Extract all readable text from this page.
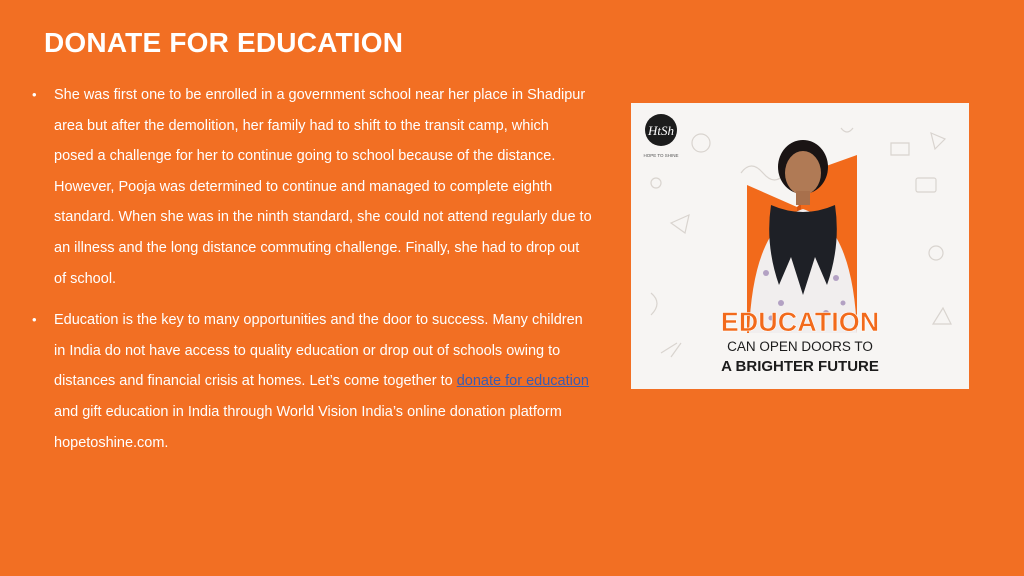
DONATE FOR EDUCATION
• She was first one to be enrolled in a government school near her place in Shadipur area but after the demolition, her family had to shift to the transit camp, which posed a challenge for her to continue going to school because of the distance. However, Pooja was determined to continue and managed to complete eighth standard. When she was in the ninth standard, she could not attend regularly due to an illness and the long distance commuting challenge. Finally, she had to drop out of school.
• Education is the key to many opportunities and the door to success. Many children in India do not have access to quality education or drop out of schools owing to distances and financial crisis at homes. Let’s come together to donate for education and gift education in India through World Vision India’s online donation platform hopetoshine.com.
HtSh
HOPE TO SHINE
EDUCATION
CAN OPEN DOORS TO
A BRIGHTER FUTURE
